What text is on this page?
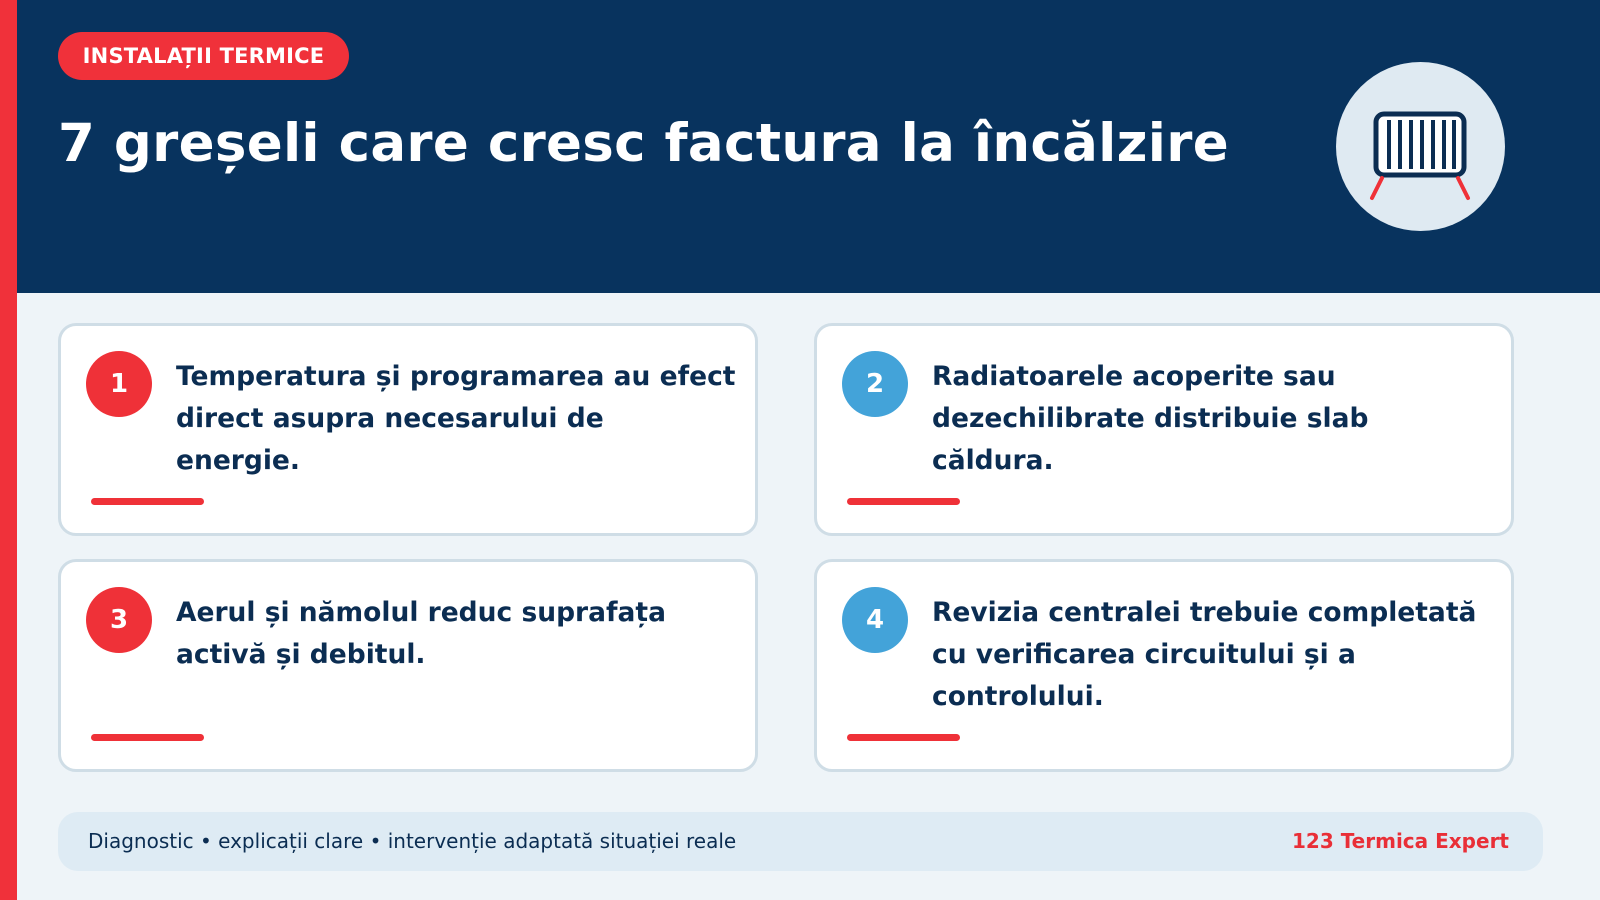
INSTALAȚII TERMICE
7 greșeli care cresc factura la încălzire
1	Temperatura și programarea au efect direct asupra necesarului de energie.
2	Radiatoarele acoperite sau dezechilibrate distribuie slab căldura.
3	Aerul și nămolul reduc suprafața activă și debitul.
4	Revizia centralei trebuie completată cu verificarea circuitului și a controlului.
Diagnostic • explicații clare • intervenție adaptată situației reale	123 Termica Expert
